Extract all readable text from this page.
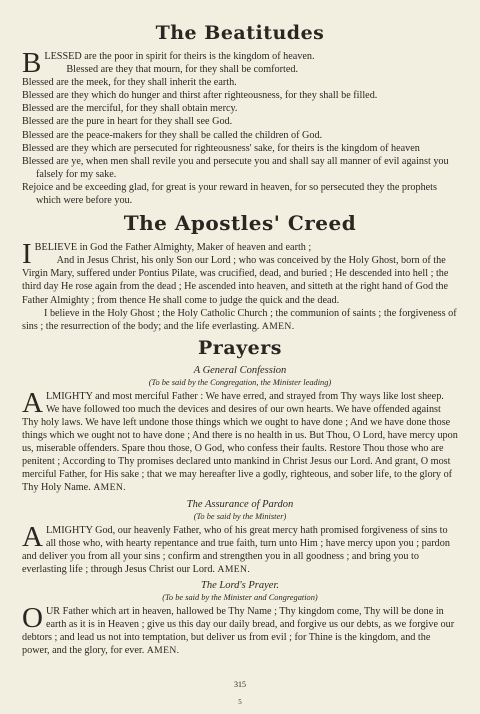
The Beatitudes

BLESSED are the poor in spirit for theirs is the kingdom of heaven.

Blessed are they that mourn, for they shall be comforted.

Blessed are the meek, for they shall inherit the earth.

Blessed are they which do hunger and thirst after righteousness, for they shall be filled.

Blessed are the merciful, for they shall obtain mercy.

Blessed are the pure in heart for they shall see God.

Blessed are the peace-makers for they shall be called the children of God.

Blessed are they which are persecuted for righteousness' sake, for theirs is the kingdom of heaven

Blessed are ye, when men shall revile you and persecute you and shall say all manner of evil against you falsely for my sake.

Rejoice and be exceeding glad, for great is your reward in heaven, for so persecuted they the prophets which were before you.

The Apostles' Creed

IBELIEVE in God the Father Almighty, Maker of heaven and earth ;

And in Jesus Christ, his only Son our Lord ; who was conceived by the Holy Ghost, born of the Virgin Mary, suffered under Pontius Pilate, was crucified, dead, and buried ; He descended into hell ; the third day He rose again from the dead ; He ascended into heaven, and sitteth at the right hand of God the Father Almighty ; from thence He shall come to judge the quick and the dead.

I believe in the Holy Ghost ; the Holy Catholic Church ; the communion of saints ; the forgiveness of sins ; the resurrection of the body; and the life everlasting. AMEN.

Prayers
A General Confession
(To be said by the Congregation, the Minister leading)

ALMIGHTY and most merciful Father : We have erred, and strayed from Thy ways like lost sheep. We have followed too much the devices and desires of our own hearts. We have offended against Thy holy laws. We have left undone those things which we ought to have done ; And we have done those things which we ought not to have done ; And there is no health in us. But Thou, O Lord, have mercy upon us, miserable offenders. Spare thou those, O God, who confess their faults. Restore Thou those who are penitent ; According to Thy promises declared unto mankind in Christ Jesus our Lord. And grant, O most merciful Father, for His sake ; that we may hereafter live a godly, righteous, and sober life, to the glory of Thy Holy Name. AMEN.

The Assurance of Pardon
(To be said by the Minister)

ALMIGHTY God, our heavenly Father, who of his great mercy hath promised forgiveness of sins to all those who, with hearty repentance and true faith, turn unto Him ; have mercy upon you ; pardon and deliver you from all your sins ; confirm and strengthen you in all goodness ; and bring you to everlasting life ; through Jesus Christ our Lord. AMEN.

The Lord's Prayer.
(To be said by the Minister and Congregation)

OUR Father which art in heaven, hallowed be Thy Name ; Thy kingdom come, Thy will be done in earth as it is in Heaven ; give us this day our daily bread, and forgive us our debts, as we forgive our debtors ; and lead us not into temptation, but deliver us from evil ; for Thine is the kingdom, and the power, and the glory, for ever. AMEN.

315
5
